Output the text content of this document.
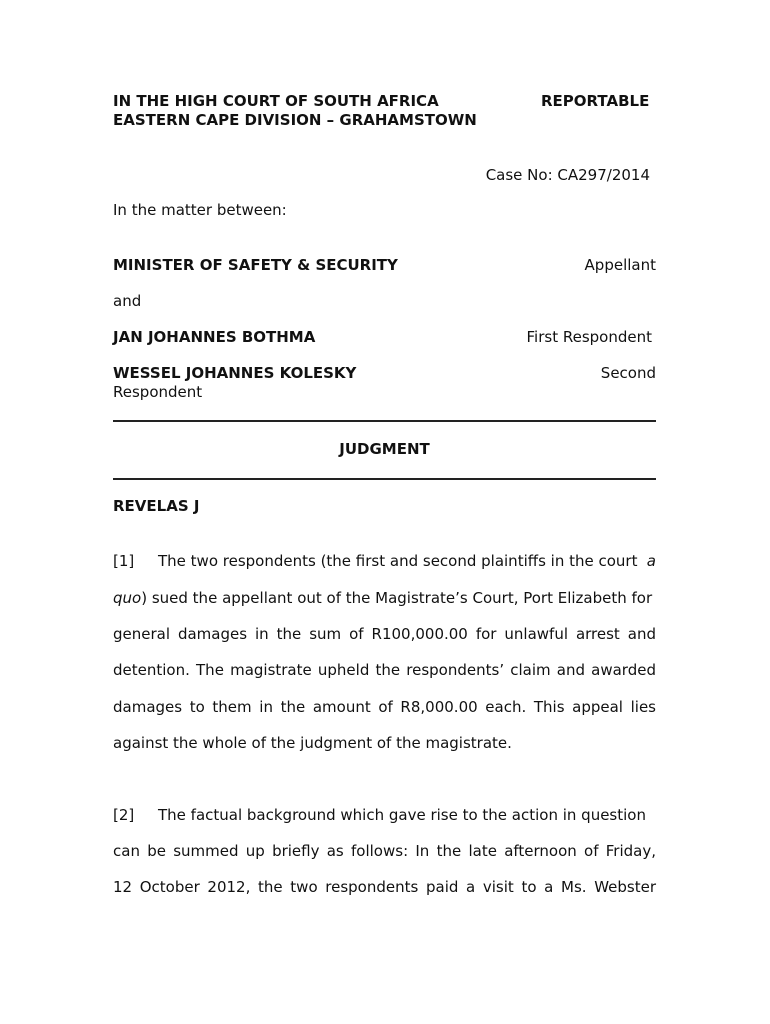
IN THE HIGH COURT OF SOUTH AFRICA
EASTERN CAPE DIVISION – GRAHAMSTOWN
REPORTABLE
Case No: CA297/2014
In the matter between:
MINISTER OF SAFETY & SECURITY	Appellant
and
JAN JOHANNES BOTHMA	First Respondent
WESSEL JOHANNES KOLESKY	Second
Respondent
JUDGMENT
REVELAS J
[1] The two respondents (the first and second plaintiffs in the court a
quo) sued the appellant out of the Magistrate’s Court, Port Elizabeth for
general damages in the sum of R100,000.00 for unlawful arrest and
detention. The magistrate upheld the respondents’ claim and awarded
damages to them in the amount of R8,000.00 each. This appeal lies
against the whole of the judgment of the magistrate.
[2] The factual background which gave rise to the action in question
can be summed up briefly as follows: In the late afternoon of Friday,
12 October 2012, the two respondents paid a visit to a Ms. Webster
